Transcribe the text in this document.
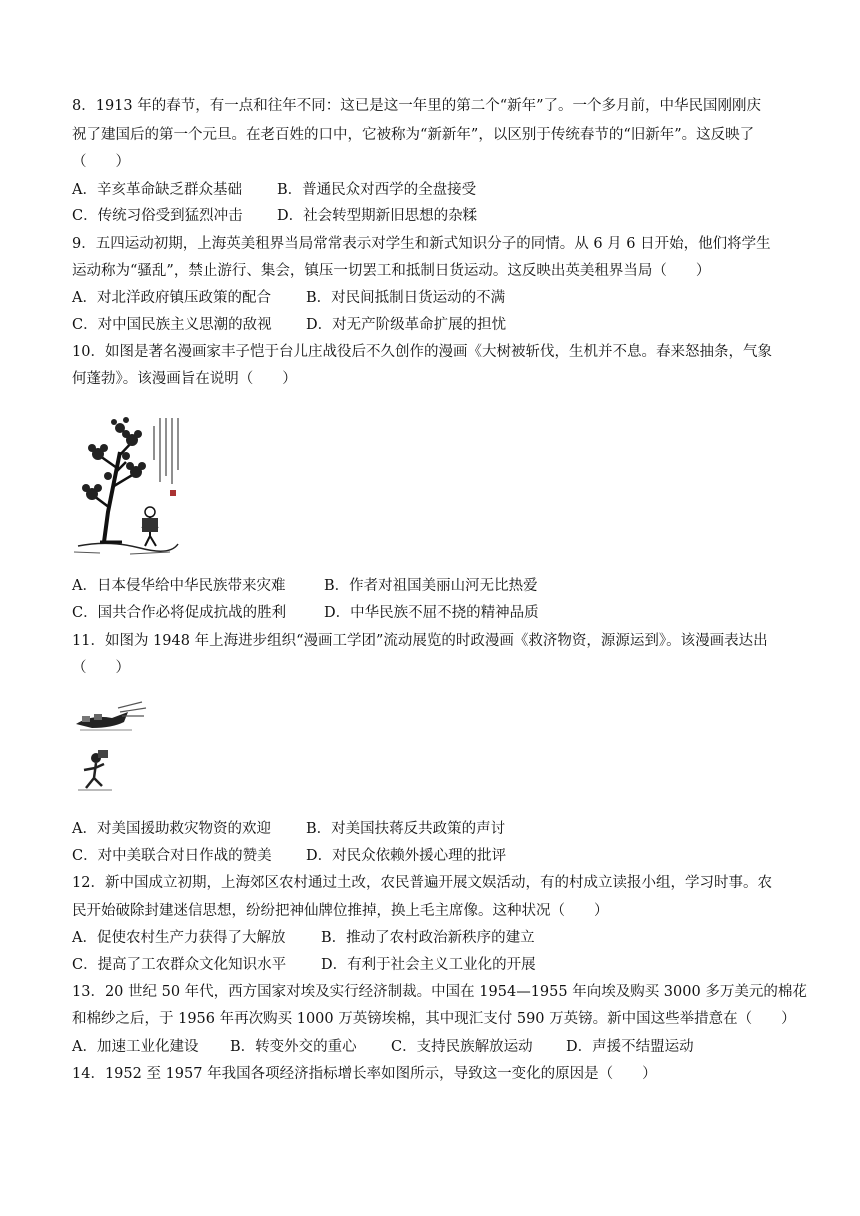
8．1913 年的春节，有一点和往年不同：这已是这一年里的第二个“新年”了。一个多月前，中华民国刚刚庆
祝了建国后的第一个元旦。在老百姓的口中，它被称为“新新年”，以区别于传统春节的“旧新年”。这反映了
（　　）
A．辛亥革命缺乏群众基础 B．普通民众对西学的全盘接受
C．传统习俗受到猛烈冲击 D．社会转型期新旧思想的杂糅
9．五四运动初期，上海英美租界当局常常表示对学生和新式知识分子的同情。从 6 月 6 日开始，他们将学生
运动称为“骚乱”，禁止游行、集会，镇压一切罢工和抵制日货运动。这反映出英美租界当局（　　）
A．对北洋政府镇压政策的配合 B．对民间抵制日货运动的不满
C．对中国民族主义思潮的敌视 D．对无产阶级革命扩展的担忧
10．如图是著名漫画家丰子恺于台儿庄战役后不久创作的漫画《大树被斩伐，生机并不息。春来怒抽条，气象
何蓬勃》。该漫画旨在说明（　　）
A．日本侵华给中华民族带来灾难	B．作者对祖国美丽山河无比热爱
C．国共合作必将促成抗战的胜利	D．中华民族不屈不挠的精神品质
11．如图为 1948 年上海进步组织“漫画工学团”流动展览的时政漫画《救济物资，源源运到》。该漫画表达出
（　　）
A．对美国援助救灾物资的欢迎 B．对美国扶蒋反共政策的声讨
C．对中美联合对日作战的赞美 D．对民众依赖外援心理的批评
12．新中国成立初期，上海郊区农村通过土改，农民普遍开展文娱活动，有的村成立读报小组，学习时事。农
民开始破除封建迷信思想，纷纷把神仙牌位推掉，换上毛主席像。这种状况（　　）
A．促使农村生产力获得了大解放 B．推动了农村政治新秩序的建立
C．提高了工农群众文化知识水平 D．有利于社会主义工业化的开展
13．20 世纪 50 年代，西方国家对埃及实行经济制裁。中国在 1954—1955 年向埃及购买 3000 多万美元的棉花
和棉纱之后，于 1956 年再次购买 1000 万英镑埃棉，其中现汇支付 590 万英镑。新中国这些举措意在（　　）
A．加速工业化建设 B．转变外交的重心 C．支持民族解放运动 D．声援不结盟运动
14．1952 至 1957 年我国各项经济指标增长率如图所示，导致这一变化的原因是（　　）
